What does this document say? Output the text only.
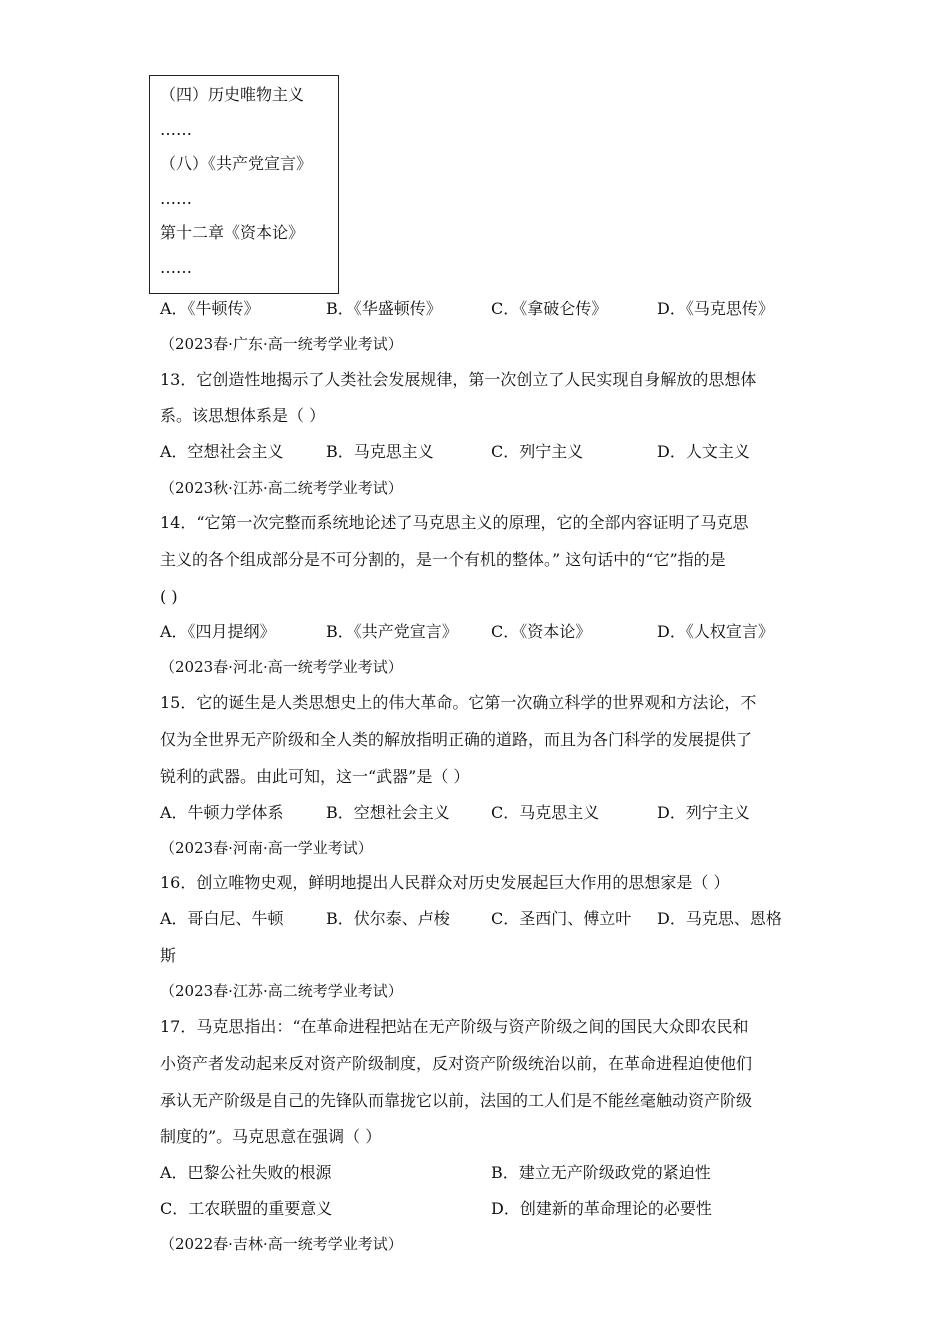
（四）历史唯物主义
……
（八）《共产党宣言》
……
第十二章《资本论》
……
A．《牛顿传》	B．《华盛顿传》	C．《拿破仑传》	D．《马克思传》
（2023春·广东·高一统考学业考试）
13．它创造性地揭示了人类社会发展规律，第一次创立了人民实现自身解放的思想体
系。该思想体系是（ ）
A．空想社会主义	B．马克思主义	C．列宁主义	D．人文主义
（2023秋·江苏·高二统考学业考试）
14．“它第一次完整而系统地论述了马克思主义的原理，它的全部内容证明了马克思
主义的各个组成部分是不可分割的，是一个有机的整体。” 这句话中的“它”指的是
( )
A．《四月提纲》	B．《共产党宣言》 C．《资本论》	D．《人权宣言》
（2023春·河北·高一统考学业考试）
15．它的诞生是人类思想史上的伟大革命。它第一次确立科学的世界观和方法论，不
仅为全世界无产阶级和全人类的解放指明正确的道路，而且为各门科学的发展提供了
锐利的武器。由此可知，这一“武器”是（ ）
A．牛顿力学体系	B．空想社会主义	C．马克思主义	D．列宁主义
（2023春·河南·高一学业考试）
16．创立唯物史观，鲜明地提出人民群众对历史发展起巨大作用的思想家是（ ）
A．哥白尼、牛顿	B．伏尔泰、卢梭	C．圣西门、傅立叶 D．马克思、恩格
斯
（2023春·江苏·高二统考学业考试）
17．马克思指出：“在革命进程把站在无产阶级与资产阶级之间的国民大众即农民和
小资产者发动起来反对资产阶级制度，反对资产阶级统治以前，在革命进程迫使他们
承认无产阶级是自己的先锋队而靠拢它以前，法国的工人们是不能丝毫触动资产阶级
制度的”。马克思意在强调（ ）
A．巴黎公社失败的根源	B．建立无产阶级政党的紧迫性
C．工农联盟的重要意义	D．创建新的革命理论的必要性
（2022春·吉林·高一统考学业考试）
